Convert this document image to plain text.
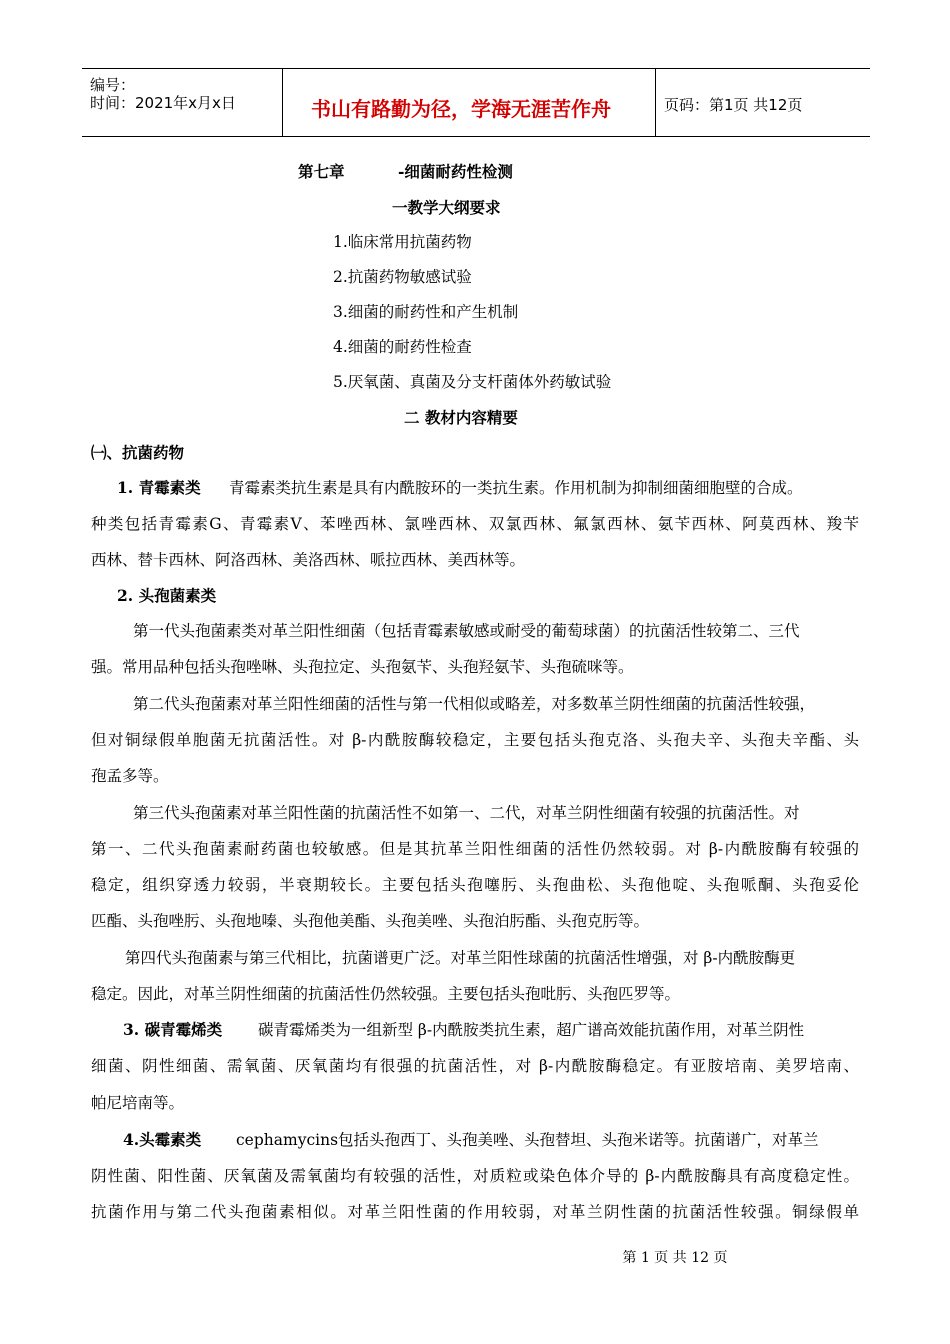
编号：
时间：2021年x月x日	书山有路勤为径，学海无涯苦作舟	页码：第1页 共12页
第七章	-细菌耐药性检测
一教学大纲要求
1.临床常用抗菌药物
2.抗菌药物敏感试验
3.细菌的耐药性和产生机制
4.细菌的耐药性检查
5.厌氧菌、真菌及分支杆菌体外药敏试验
二 教材内容精要
㈠、抗菌药物
1. 青霉素类 青霉素类抗生素是具有内酰胺环的一类抗生素。作用机制为抑制细菌细胞壁的合成。
种类包括青霉素G、青霉素V、苯唑西林、氯唑西林、双氯西林、氟氯西林、氨苄西林、阿莫西林、羧苄
西林、替卡西林、阿洛西林、美洛西林、哌拉西林、美西林等。
2. 头孢菌素类
第一代头孢菌素类对革兰阳性细菌（包括青霉素敏感或耐受的葡萄球菌）的抗菌活性较第二、三代
强。常用品种包括头孢唑啉、头孢拉定、头孢氨苄、头孢羟氨苄、头孢硫咪等。
第二代头孢菌素对革兰阳性细菌的活性与第一代相似或略差，对多数革兰阴性细菌的抗菌活性较强，
但对铜绿假单胞菌无抗菌活性。对 β-内酰胺酶较稳定，主要包括头孢克洛、头孢夫辛、头孢夫辛酯、头
孢孟多等。
第三代头孢菌素对革兰阳性菌的抗菌活性不如第一、二代，对革兰阴性细菌有较强的抗菌活性。对
第一、二代头孢菌素耐药菌也较敏感。但是其抗革兰阳性细菌的活性仍然较弱。对 β-内酰胺酶有较强的
稳定，组织穿透力较弱，半衰期较长。主要包括头孢噻肟、头孢曲松、头孢他啶、头孢哌酮、头孢妥伦
匹酯、头孢唑肟、头孢地嗪、头孢他美酯、头孢美唑、头孢泊肟酯、头孢克肟等。
第四代头孢菌素与第三代相比，抗菌谱更广泛。对革兰阳性球菌的抗菌活性增强，对 β-内酰胺酶更
稳定。因此，对革兰阴性细菌的抗菌活性仍然较强。主要包括头孢吡肟、头孢匹罗等。
3. 碳青霉烯类 碳青霉烯类为一组新型 β-内酰胺类抗生素，超广谱高效能抗菌作用，对革兰阴性
细菌、阴性细菌、需氧菌、厌氧菌均有很强的抗菌活性，对 β-内酰胺酶稳定。有亚胺培南、美罗培南、
帕尼培南等。
4.头霉素类 cephamycins包括头孢西丁、头孢美唑、头孢替坦、头孢米诺等。抗菌谱广，对革兰
阴性菌、阳性菌、厌氧菌及需氧菌均有较强的活性，对质粒或染色体介导的 β-内酰胺酶具有高度稳定性。
抗菌作用与第二代头孢菌素相似。对革兰阳性菌的作用较弱，对革兰阴性菌的抗菌活性较强。铜绿假单
第 1 页 共 12 页
